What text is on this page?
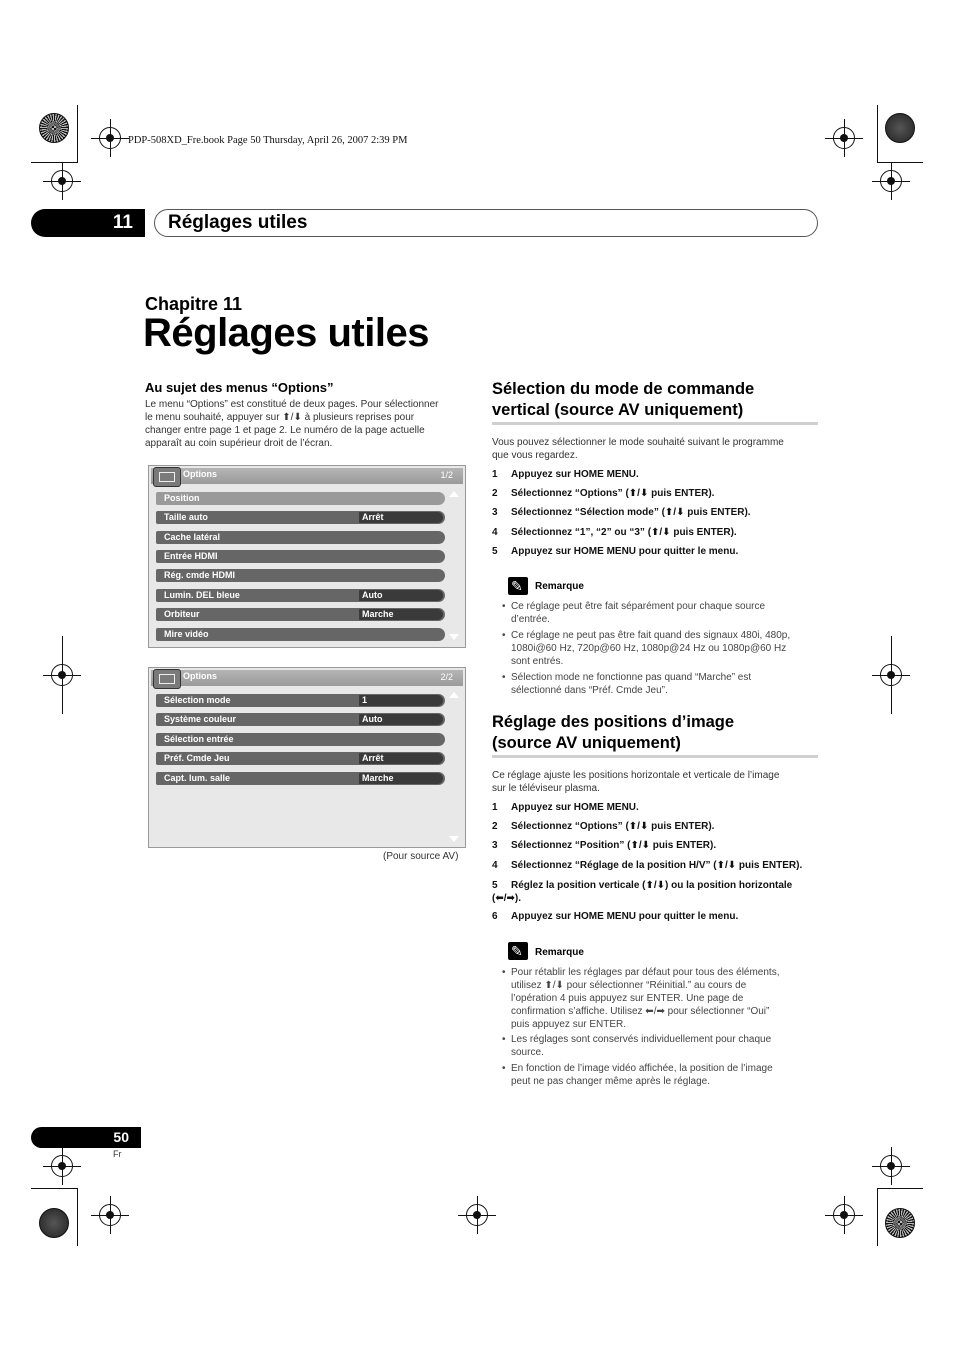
PDP-508XD_Fre.book Page 50 Thursday, April 26, 2007 2:39 PM
11 Réglages utiles
Chapitre 11
Réglages utiles
Au sujet des menus “Options”
Le menu “Options” est constitué de deux pages. Pour sélectionner
le menu souhaité, appuyer sur ⬆/⬇ à plusieurs reprises pour
changer entre page 1 et page 2. Le numéro de la page actuelle
apparaît au coin supérieur droit de l’écran.
Options	1/2
Position
Taille auto	Arrêt
Cache latéral
Entrée HDMI
Rég. cmde HDMI
Lumin. DEL bleue	Auto
Orbiteur	Marche
Mire vidéo
Options	2/2
Sélection mode	1
Système couleur	Auto
Sélection entrée
Préf. Cmde Jeu	Arrêt
Capt. lum. salle	Marche
(Pour source AV)
Sélection du mode de commande
vertical (source AV uniquement)
Vous pouvez sélectionner le mode souhaité suivant le programme
que vous regardez.
1 Appuyez sur HOME MENU.
2 Sélectionnez “Options” (⬆/⬇ puis ENTER).
3 Sélectionnez “Sélection mode” (⬆/⬇ puis ENTER).
4 Sélectionnez “1”, “2” ou “3” (⬆/⬇ puis ENTER).
5 Appuyez sur HOME MENU pour quitter le menu.
✎
Remarque
• Ce réglage peut être fait séparément pour chaque source
d’entrée.
• Ce réglage ne peut pas être fait quand des signaux 480i, 480p,
1080i@60 Hz, 720p@60 Hz, 1080p@24 Hz ou 1080p@60 Hz
sont entrés.
• Sélection mode ne fonctionne pas quand “Marche” est
sélectionné dans “Préf. Cmde Jeu”.
Réglage des positions d’image
(source AV uniquement)
Ce réglage ajuste les positions horizontale et verticale de l’image
sur le téléviseur plasma.
1 Appuyez sur HOME MENU.
2 Sélectionnez “Options” (⬆/⬇ puis ENTER).
3 Sélectionnez “Position” (⬆/⬇ puis ENTER).
4 Sélectionnez “Réglage de la position H/V” (⬆/⬇ puis ENTER).
5 Réglez la position verticale (⬆/⬇) ou la position horizontale
(⬅/➡).
6 Appuyez sur HOME MENU pour quitter le menu.
✎
Remarque
• Pour rétablir les réglages par défaut pour tous des éléments,
utilisez ⬆/⬇ pour sélectionner “Réinitial.” au cours de
l’opération 4 puis appuyez sur ENTER. Une page de
confirmation s’affiche. Utilisez ⬅/➡ pour sélectionner “Oui”
puis appuyez sur ENTER.
• Les réglages sont conservés individuellement pour chaque
source.
• En fonction de l’image vidéo affichée, la position de l’image
peut ne pas changer même après le réglage.
50
Fr
